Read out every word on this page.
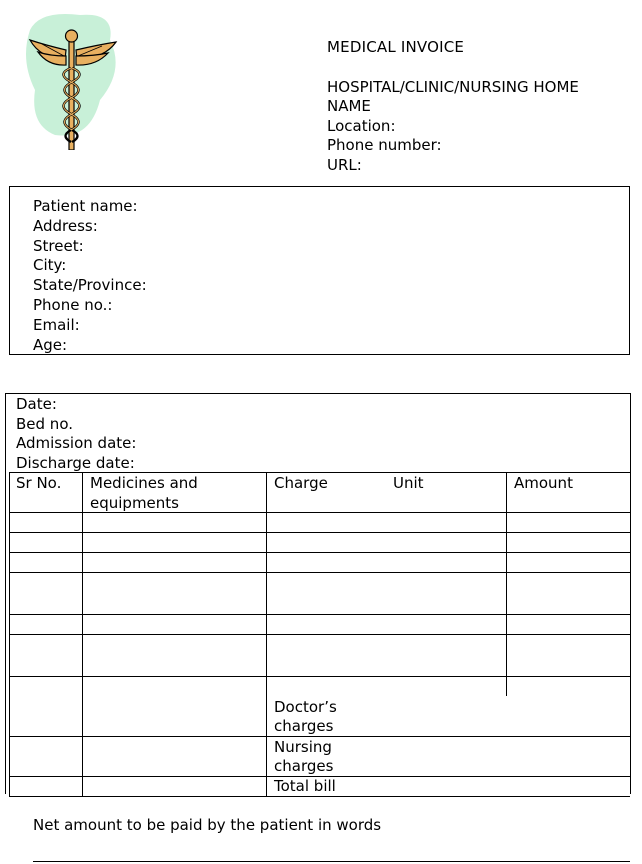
MEDICAL INVOICE
HOSPITAL/CLINIC/NURSING HOME
NAME
Location:
Phone number:
URL:
Patient name:
Address:
Street:
City:
State/Province:
Phone no.:
Email:
Age:
Date:
Bed no.
Admission date:
Discharge date:
Sr No. Medicines and
equipments
Charge	Unit	Amount
Doctor’s
charges
Nursing
charges
Total bill
Net amount to be paid by the patient in words
